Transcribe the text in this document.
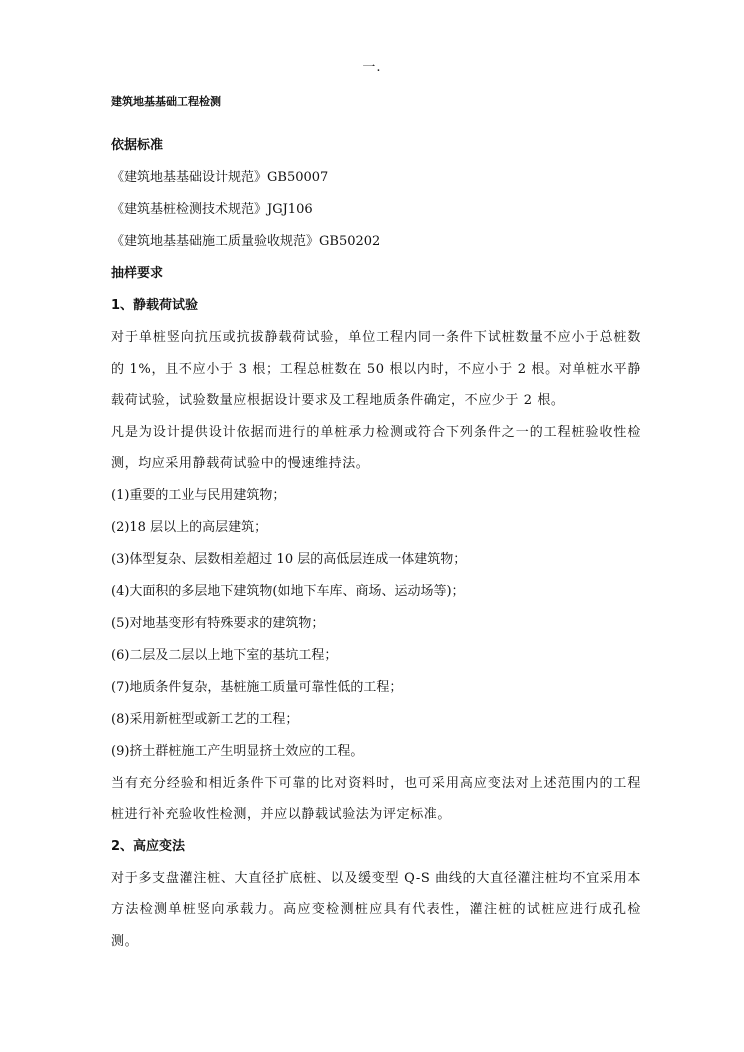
一.

建筑地基基础工程检测

依据标准

《建筑地基基础设计规范》GB50007

《建筑基桩检测技术规范》JGJ106

《建筑地基基础施工质量验收规范》GB50202

抽样要求

1、静载荷试验

对于单桩竖向抗压或抗拔静载荷试验，单位工程内同一条件下试桩数量不应小于总桩数的 1%，且不应小于 3 根；工程总桩数在 50 根以内时，不应小于 2 根。对单桩水平静载荷试验，试验数量应根据设计要求及工程地质条件确定，不应少于 2 根。

凡是为设计提供设计依据而进行的单桩承力检测或符合下列条件之一的工程桩验收性检测，均应采用静载荷试验中的慢速维持法。

(1)重要的工业与民用建筑物；

(2)18 层以上的高层建筑；

(3)体型复杂、层数相差超过 10 层的高低层连成一体建筑物；

(4)大面积的多层地下建筑物(如地下车库、商场、运动场等)；

(5)对地基变形有特殊要求的建筑物；

(6)二层及二层以上地下室的基坑工程；

(7)地质条件复杂，基桩施工质量可靠性低的工程；

(8)采用新桩型或新工艺的工程；

(9)挤土群桩施工产生明显挤土效应的工程。

当有充分经验和相近条件下可靠的比对资料时，也可采用高应变法对上述范围内的工程桩进行补充验收性检测，并应以静载试验法为评定标准。

2、高应变法

对于多支盘灌注桩、大直径扩底桩、以及缓变型 Q-S 曲线的大直径灌注桩均不宜采用本方法检测单桩竖向承载力。高应变检测桩应具有代表性，灌注桩的试桩应进行成孔检测。
